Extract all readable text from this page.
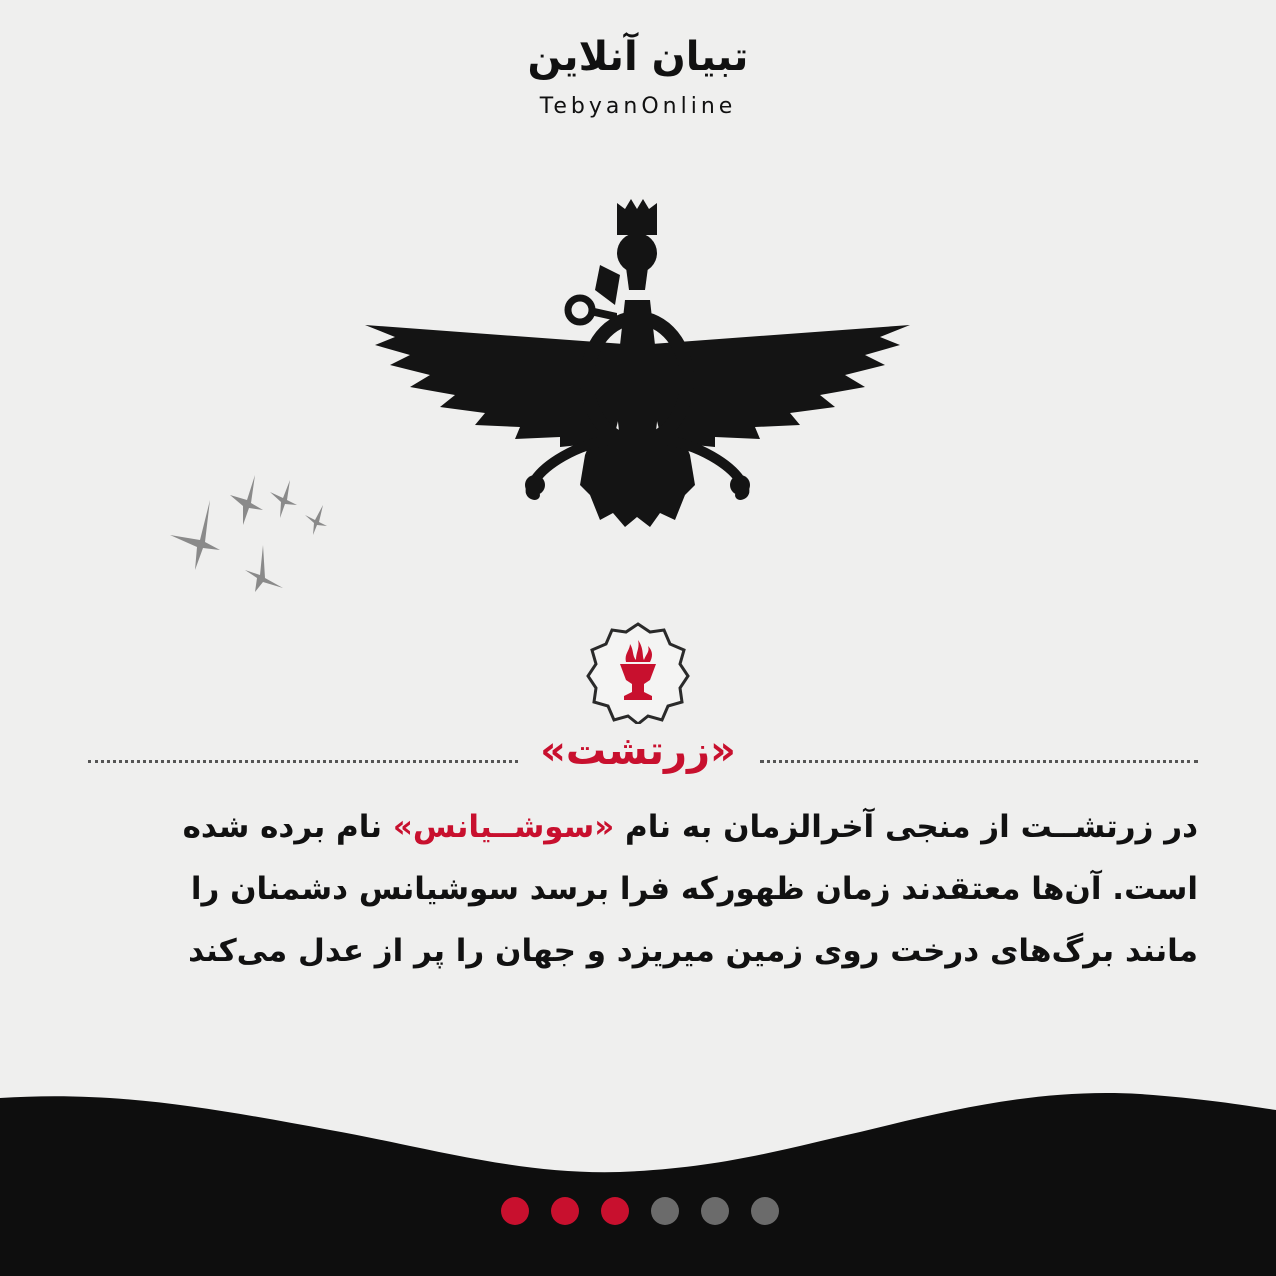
تبیان آنلاین
TebyanOnline
«زرتشت»
در زرتشــت از منجی آخرالزمان به نام «سوشــیانس» نام برده شده
است. آن‌ها معتقدند زمان ظهورکه فرا برسد سوشیانس دشمنان را
مانند برگ‌های درخت روی زمین میریزد و جهان را پر از عدل می‌کند
